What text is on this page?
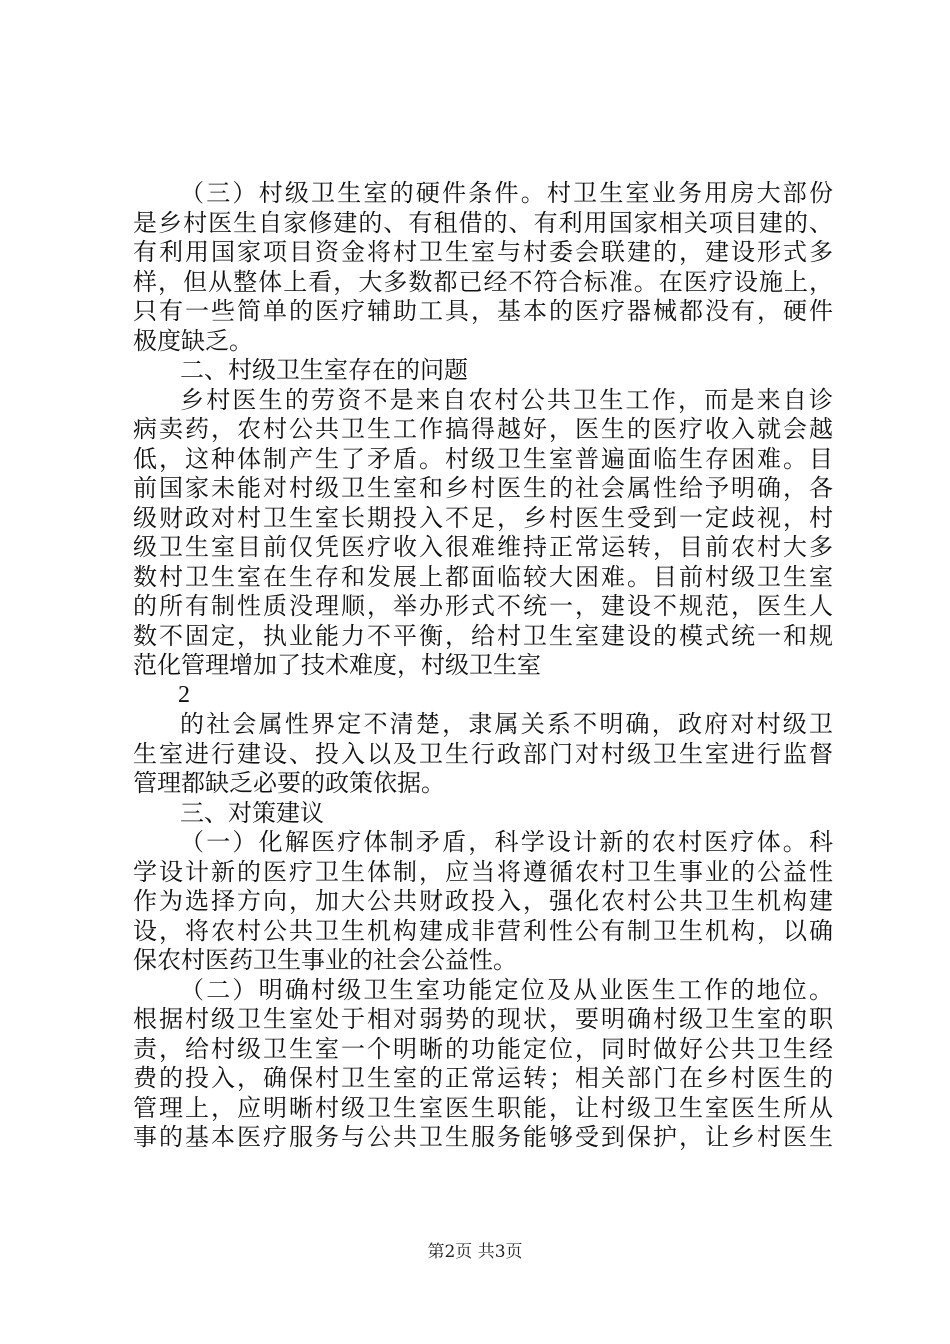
（三）村级卫生室的硬件条件。村卫生室业务用房大部份
是乡村医生自家修建的、有租借的、有利用国家相关项目建的、
有利用国家项目资金将村卫生室与村委会联建的，建设形式多
样，但从整体上看，大多数都已经不符合标准。在医疗设施上，
只有一些简单的医疗辅助工具，基本的医疗器械都没有，硬件
极度缺乏。
二、村级卫生室存在的问题
乡村医生的劳资不是来自农村公共卫生工作，而是来自诊
病卖药，农村公共卫生工作搞得越好，医生的医疗收入就会越
低，这种体制产生了矛盾。村级卫生室普遍面临生存困难。目
前国家未能对村级卫生室和乡村医生的社会属性给予明确，各
级财政对村卫生室长期投入不足，乡村医生受到一定歧视，村
级卫生室目前仅凭医疗收入很难维持正常运转，目前农村大多
数村卫生室在生存和发展上都面临较大困难。目前村级卫生室
的所有制性质没理顺，举办形式不统一，建设不规范，医生人
数不固定，执业能力不平衡，给村卫生室建设的模式统一和规
范化管理增加了技术难度，村级卫生室
2
的社会属性界定不清楚，隶属关系不明确，政府对村级卫
生室进行建设、投入以及卫生行政部门对村级卫生室进行监督
管理都缺乏必要的政策依据。
三、对策建议
（一）化解医疗体制矛盾，科学设计新的农村医疗体。科
学设计新的医疗卫生体制，应当将遵循农村卫生事业的公益性
作为选择方向，加大公共财政投入，强化农村公共卫生机构建
设，将农村公共卫生机构建成非营利性公有制卫生机构，以确
保农村医药卫生事业的社会公益性。
（二）明确村级卫生室功能定位及从业医生工作的地位。
根据村级卫生室处于相对弱势的现状，要明确村级卫生室的职
责，给村级卫生室一个明晰的功能定位，同时做好公共卫生经
费的投入，确保村卫生室的正常运转；相关部门在乡村医生的
管理上，应明晰村级卫生室医生职能，让村级卫生室医生所从
事的基本医疗服务与公共卫生服务能够受到保护，让乡村医生
第2页 共3页
